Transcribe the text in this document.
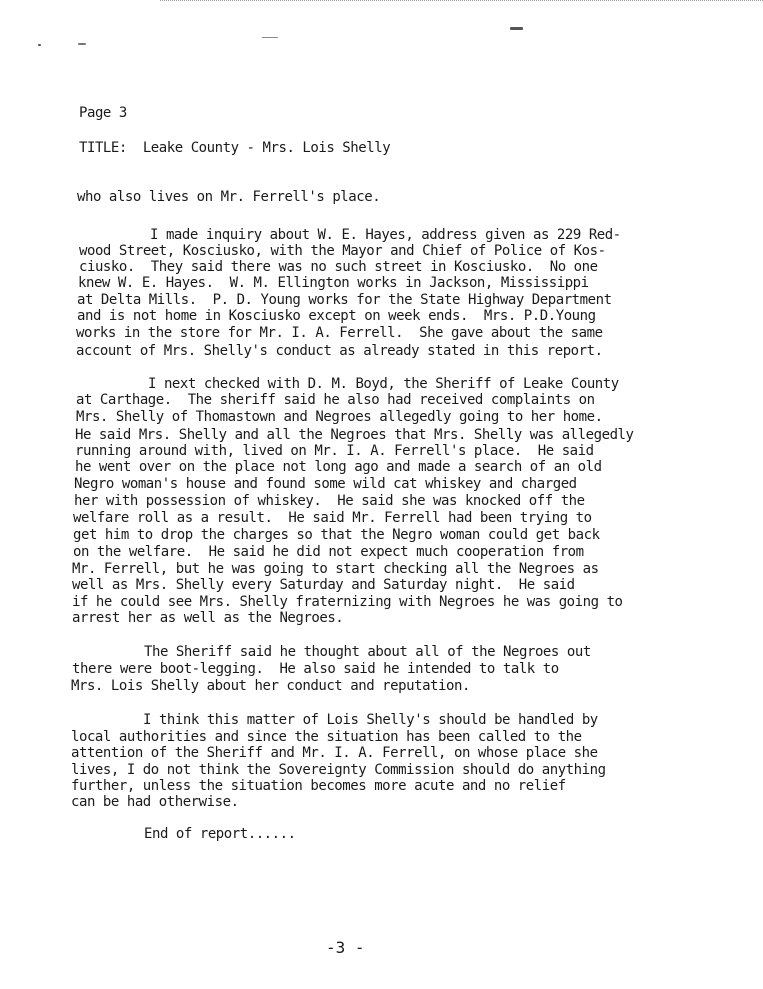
Page 3
TITLE:  Leake County - Mrs. Lois Shelly
who also lives on Mr. Ferrell's place.
I made inquiry about W. E. Hayes, address given as 229 Red-
wood Street, Kosciusko, with the Mayor and Chief of Police of Kos-
ciusko.  They said there was no such street in Kosciusko.  No one
knew W. E. Hayes.  W. M. Ellington works in Jackson, Mississippi
at Delta Mills.  P. D. Young works for the State Highway Department
and is not home in Kosciusko except on week ends.  Mrs. P.D.Young
works in the store for Mr. I. A. Ferrell.  She gave about the same
account of Mrs. Shelly's conduct as already stated in this report.
I next checked with D. M. Boyd, the Sheriff of Leake County
at Carthage.  The sheriff said he also had received complaints on
Mrs. Shelly of Thomastown and Negroes allegedly going to her home.
He said Mrs. Shelly and all the Negroes that Mrs. Shelly was allegedly
running around with, lived on Mr. I. A. Ferrell's place.  He said
he went over on the place not long ago and made a search of an old
Negro woman's house and found some wild cat whiskey and charged
her with possession of whiskey.  He said she was knocked off the
welfare roll as a result.  He said Mr. Ferrell had been trying to
get him to drop the charges so that the Negro woman could get back
on the welfare.  He said he did not expect much cooperation from
Mr. Ferrell, but he was going to start checking all the Negroes as
well as Mrs. Shelly every Saturday and Saturday night.  He said
if he could see Mrs. Shelly fraternizing with Negroes he was going to
arrest her as well as the Negroes.
The Sheriff said he thought about all of the Negroes out
there were boot-legging.  He also said he intended to talk to
Mrs. Lois Shelly about her conduct and reputation.
I think this matter of Lois Shelly's should be handled by
local authorities and since the situation has been called to the
attention of the Sheriff and Mr. I. A. Ferrell, on whose place she
lives, I do not think the Sovereignty Commission should do anything
further, unless the situation becomes more acute and no relief
can be had otherwise.
End of report......
-3 -
